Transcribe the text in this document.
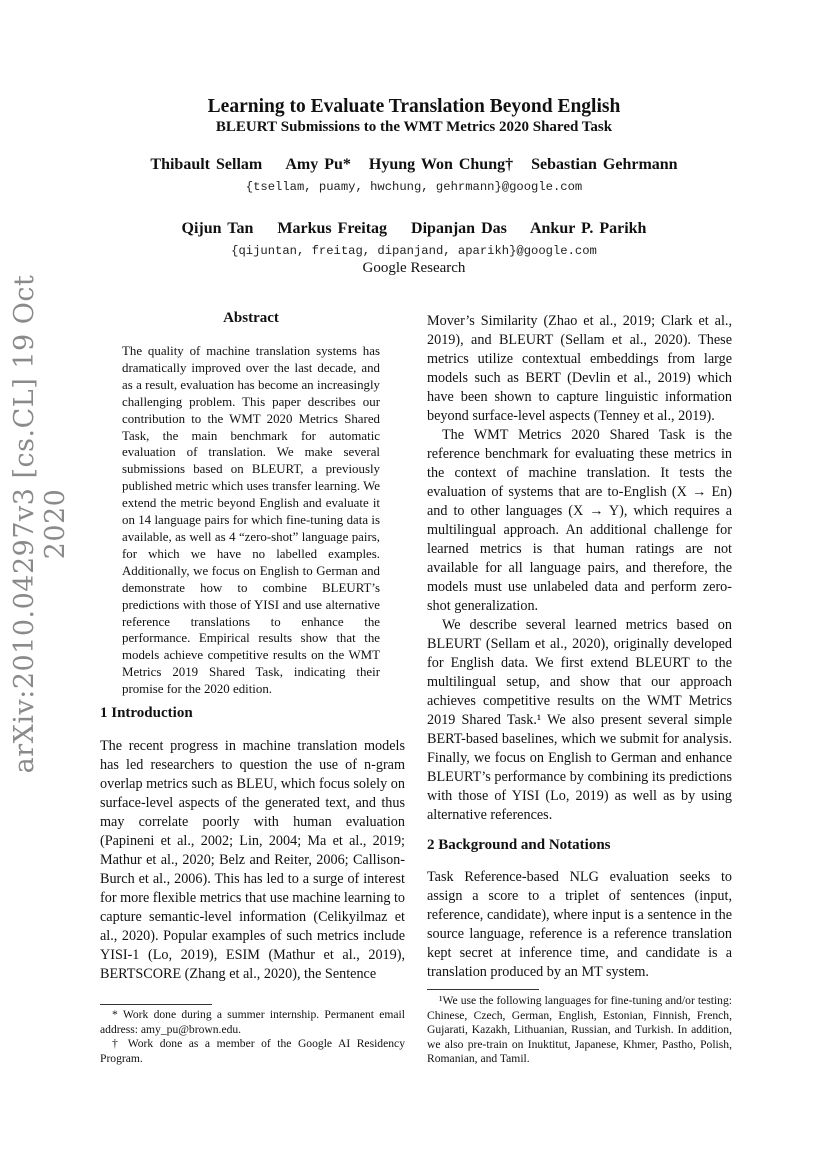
arXiv:2010.04297v3 [cs.CL] 19 Oct 2020
Learning to Evaluate Translation Beyond English
BLEURT Submissions to the WMT Metrics 2020 Shared Task
Thibault Sellam    Amy Pu*   Hyung Won Chung†   Sebastian Gehrmann
{tsellam, puamy, hwchung, gehrmann}@google.com
Qijun Tan    Markus Freitag    Dipanjan Das    Ankur P. Parikh
{qijuntan, freitag, dipanjand, aparikh}@google.com
Google Research
Abstract
The quality of machine translation systems has dramatically improved over the last decade, and as a result, evaluation has become an increasingly challenging problem. This paper describes our contribution to the WMT 2020 Metrics Shared Task, the main benchmark for automatic evaluation of translation. We make several submissions based on BLEURT, a previously published metric which uses transfer learning. We extend the metric beyond English and evaluate it on 14 language pairs for which fine-tuning data is available, as well as 4 “zero-shot” language pairs, for which we have no labelled examples. Additionally, we focus on English to German and demonstrate how to combine BLEURT’s predictions with those of YISI and use alternative reference translations to enhance the performance. Empirical results show that the models achieve competitive results on the WMT Metrics 2019 Shared Task, indicating their promise for the 2020 edition.
1 Introduction

The recent progress in machine translation models has led researchers to question the use of n-gram overlap metrics such as BLEU, which focus solely on surface-level aspects of the generated text, and thus may correlate poorly with human evaluation (Papineni et al., 2002; Lin, 2004; Ma et al., 2019; Mathur et al., 2020; Belz and Reiter, 2006; Callison-Burch et al., 2006). This has led to a surge of interest for more flexible metrics that use machine learning to capture semantic-level information (Celikyilmaz et al., 2020). Popular examples of such metrics include YISI-1 (Lo, 2019), ESIM (Mathur et al., 2019), BERTSCORE (Zhang et al., 2020), the Sentence

* Work done during a summer internship. Permanent email address: amy_pu@brown.edu.
† Work done as a member of the Google AI Residency Program.

Mover’s Similarity (Zhao et al., 2019; Clark et al., 2019), and BLEURT (Sellam et al., 2020). These metrics utilize contextual embeddings from large models such as BERT (Devlin et al., 2019) which have been shown to capture linguistic information beyond surface-level aspects (Tenney et al., 2019).

The WMT Metrics 2020 Shared Task is the reference benchmark for evaluating these metrics in the context of machine translation. It tests the evaluation of systems that are to-English (X → En) and to other languages (X → Y), which requires a multilingual approach. An additional challenge for learned metrics is that human ratings are not available for all language pairs, and therefore, the models must use unlabeled data and perform zero-shot generalization.

We describe several learned metrics based on BLEURT (Sellam et al., 2020), originally developed for English data. We first extend BLEURT to the multilingual setup, and show that our approach achieves competitive results on the WMT Metrics 2019 Shared Task.¹ We also present several simple BERT-based baselines, which we submit for analysis. Finally, we focus on English to German and enhance BLEURT’s performance by combining its predictions with those of YISI (Lo, 2019) as well as by using alternative references.

2 Background and Notations

Task Reference-based NLG evaluation seeks to assign a score to a triplet of sentences (input, reference, candidate), where input is a sentence in the source language, reference is a reference translation kept secret at inference time, and candidate is a translation produced by an MT system.

¹We use the following languages for fine-tuning and/or testing: Chinese, Czech, German, English, Estonian, Finnish, French, Gujarati, Kazakh, Lithuanian, Russian, and Turkish. In addition, we also pre-train on Inuktitut, Japanese, Khmer, Pastho, Polish, Romanian, and Tamil.
